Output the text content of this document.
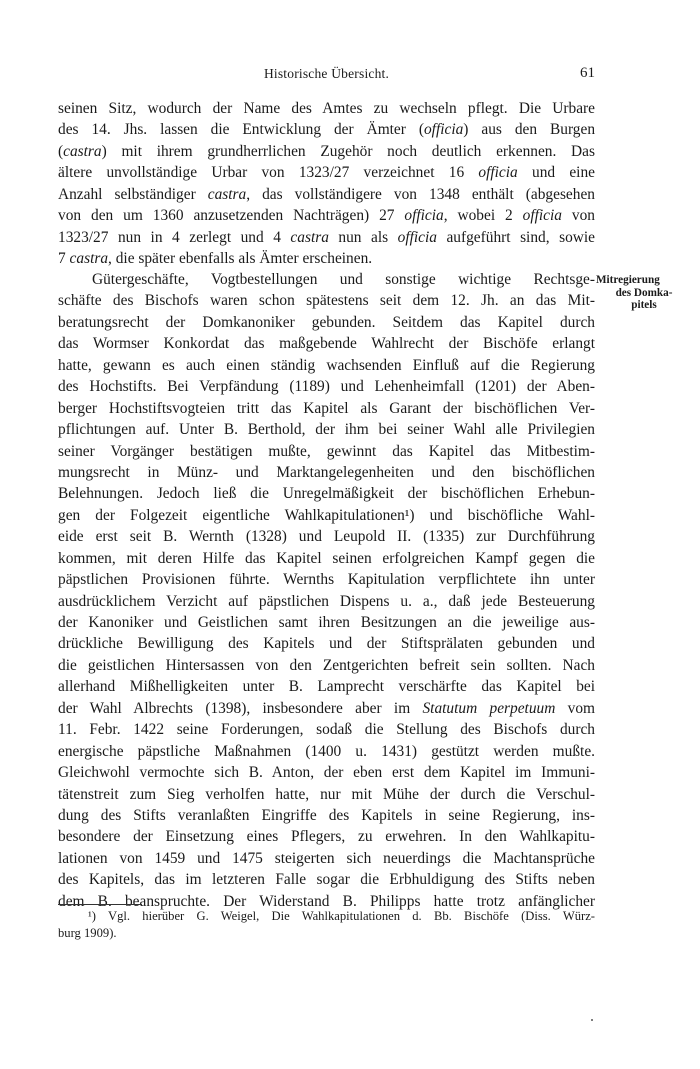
Historische Übersicht.	61
seinen Sitz, wodurch der Name des Amtes zu wechseln pflegt. Die Urbare
des 14. Jhs. lassen die Entwicklung der Ämter (officia) aus den Burgen
(castra) mit ihrem grundherrlichen Zugehör noch deutlich erkennen. Das
ältere unvollständige Urbar von 1323/27 verzeichnet 16 officia und eine
Anzahl selbständiger castra, das vollständigere von 1348 enthält (abgesehen
von den um 1360 anzusetzenden Nachträgen) 27 officia, wobei 2 officia von
1323/27 nun in 4 zerlegt und 4 castra nun als officia aufgeführt sind, sowie
7 castra, die später ebenfalls als Ämter erscheinen.
Gütergeschäfte, Vogtbestellungen und sonstige wichtige Rechtsge-
schäfte des Bischofs waren schon spätestens seit dem 12. Jh. an das Mit-
beratungsrecht der Domkanoniker gebunden. Seitdem das Kapitel durch
das Wormser Konkordat das maßgebende Wahlrecht der Bischöfe erlangt
hatte, gewann es auch einen ständig wachsenden Einfluß auf die Regierung
des Hochstifts. Bei Verpfändung (1189) und Lehenheimfall (1201) der Aben-
berger Hochstiftsvogteien tritt das Kapitel als Garant der bischöflichen Ver-
pflichtungen auf. Unter B. Berthold, der ihm bei seiner Wahl alle Privilegien
seiner Vorgänger bestätigen mußte, gewinnt das Kapitel das Mitbestim-
mungsrecht in Münz- und Marktangelegenheiten und den bischöflichen
Belehnungen. Jedoch ließ die Unregelmäßigkeit der bischöflichen Erhebun-
gen der Folgezeit eigentliche Wahlkapitulationen¹) und bischöfliche Wahl-
eide erst seit B. Wernth (1328) und Leupold II. (1335) zur Durchführung
kommen, mit deren Hilfe das Kapitel seinen erfolgreichen Kampf gegen die
päpstlichen Provisionen führte. Wernths Kapitulation verpflichtete ihn unter
ausdrücklichem Verzicht auf päpstlichen Dispens u. a., daß jede Besteuerung
der Kanoniker und Geistlichen samt ihren Besitzungen an die jeweilige aus-
drückliche Bewilligung des Kapitels und der Stiftsprälaten gebunden und
die geistlichen Hintersassen von den Zentgerichten befreit sein sollten. Nach
allerhand Mißhelligkeiten unter B. Lamprecht verschärfte das Kapitel bei
der Wahl Albrechts (1398), insbesondere aber im Statutum perpetuum vom
11. Febr. 1422 seine Forderungen, sodaß die Stellung des Bischofs durch
energische päpstliche Maßnahmen (1400 u. 1431) gestützt werden mußte.
Gleichwohl vermochte sich B. Anton, der eben erst dem Kapitel im Immuni-
tätenstreit zum Sieg verholfen hatte, nur mit Mühe der durch die Verschul-
dung des Stifts veranlaßten Eingriffe des Kapitels in seine Regierung, ins-
besondere der Einsetzung eines Pflegers, zu erwehren. In den Wahlkapitu-
lationen von 1459 und 1475 steigerten sich neuerdings die Machtansprüche
des Kapitels, das im letzteren Falle sogar die Erbhuldigung des Stifts neben
dem B. beanspruchte. Der Widerstand B. Philipps hatte trotz anfänglicher
Mitregierung
des Domka-
pitels
¹) Vgl. hierüber G. Weigel, Die Wahlkapitulationen d. Bb. Bischöfe (Diss. Würz-
burg 1909).
